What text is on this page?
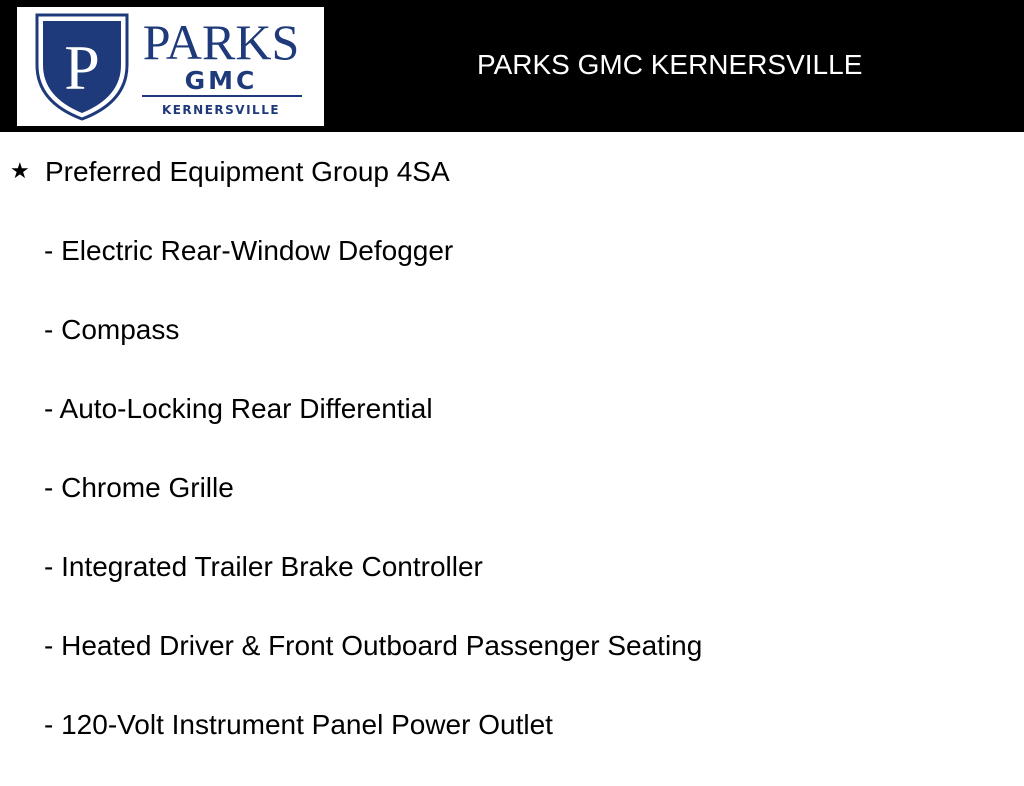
P PARKS
GMC
KERNERSVILLE
PARKS GMC KERNERSVILLE
★ Preferred Equipment Group 4SA
- Electric Rear-Window Defogger
- Compass
- Auto-Locking Rear Differential
- Chrome Grille
- Integrated Trailer Brake Controller
- Heated Driver & Front Outboard Passenger Seating
- 120-Volt Instrument Panel Power Outlet
